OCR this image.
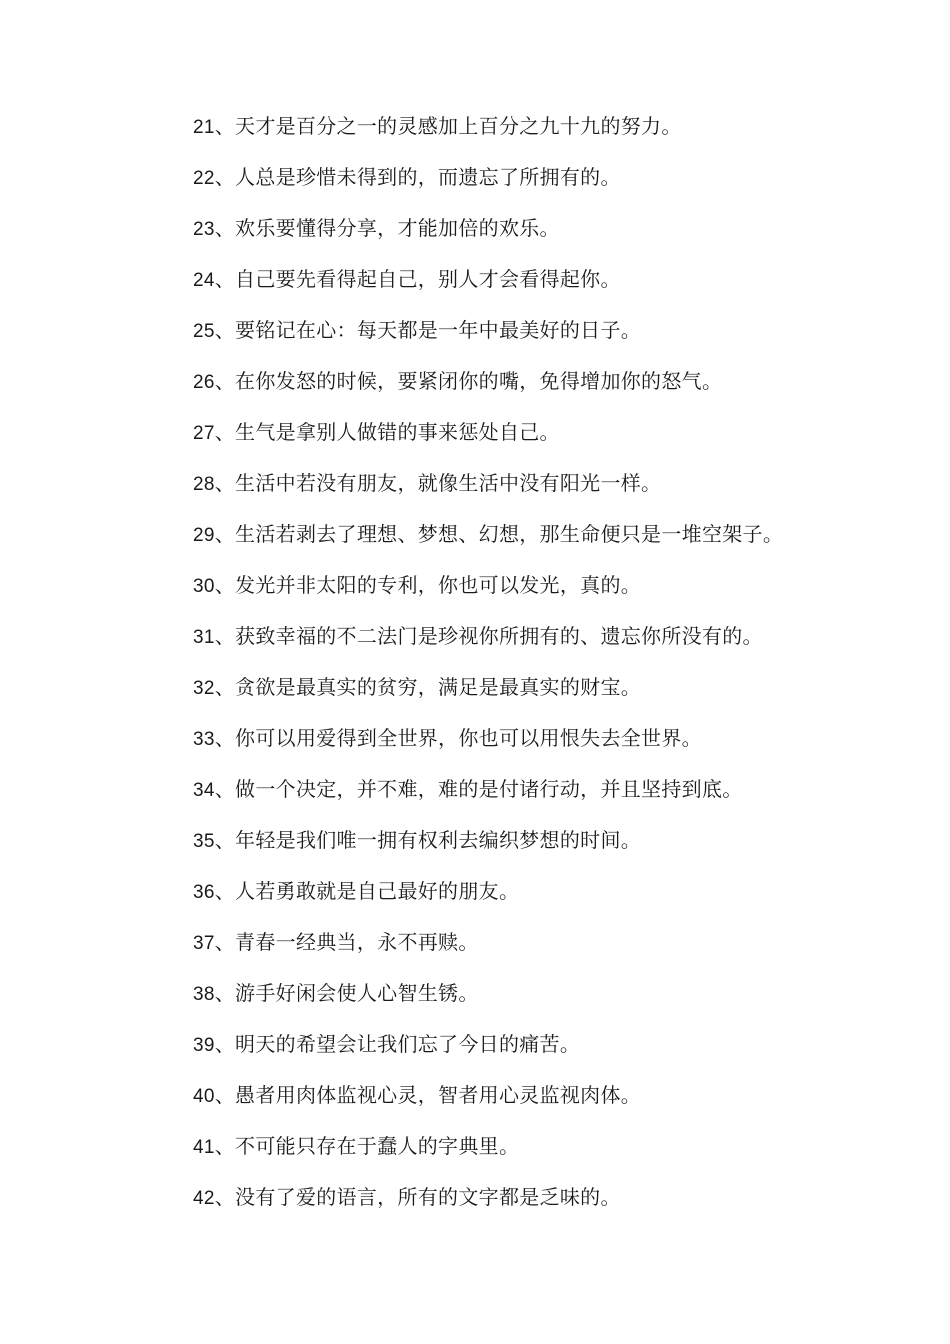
21、天才是百分之一的灵感加上百分之九十九的努力。

22、人总是珍惜未得到的，而遗忘了所拥有的。

23、欢乐要懂得分享，才能加倍的欢乐。

24、自己要先看得起自己，别人才会看得起你。

25、要铭记在心：每天都是一年中最美好的日子。

26、在你发怒的时候，要紧闭你的嘴，免得增加你的怒气。

27、生气是拿别人做错的事来惩处自己。

28、生活中若没有朋友，就像生活中没有阳光一样。

29、生活若剥去了理想、梦想、幻想，那生命便只是一堆空架子。

30、发光并非太阳的专利，你也可以发光，真的。

31、获致幸福的不二法门是珍视你所拥有的、遗忘你所没有的。

32、贪欲是最真实的贫穷，满足是最真实的财宝。

33、你可以用爱得到全世界，你也可以用恨失去全世界。

34、做一个决定，并不难，难的是付诸行动，并且坚持到底。

35、年轻是我们唯一拥有权利去编织梦想的时间。

36、人若勇敢就是自己最好的朋友。

37、青春一经典当，永不再赎。

38、游手好闲会使人心智生锈。

39、明天的希望会让我们忘了今日的痛苦。

40、愚者用肉体监视心灵，智者用心灵监视肉体。

41、不可能只存在于蠢人的字典里。

42、没有了爱的语言，所有的文字都是乏味的。
